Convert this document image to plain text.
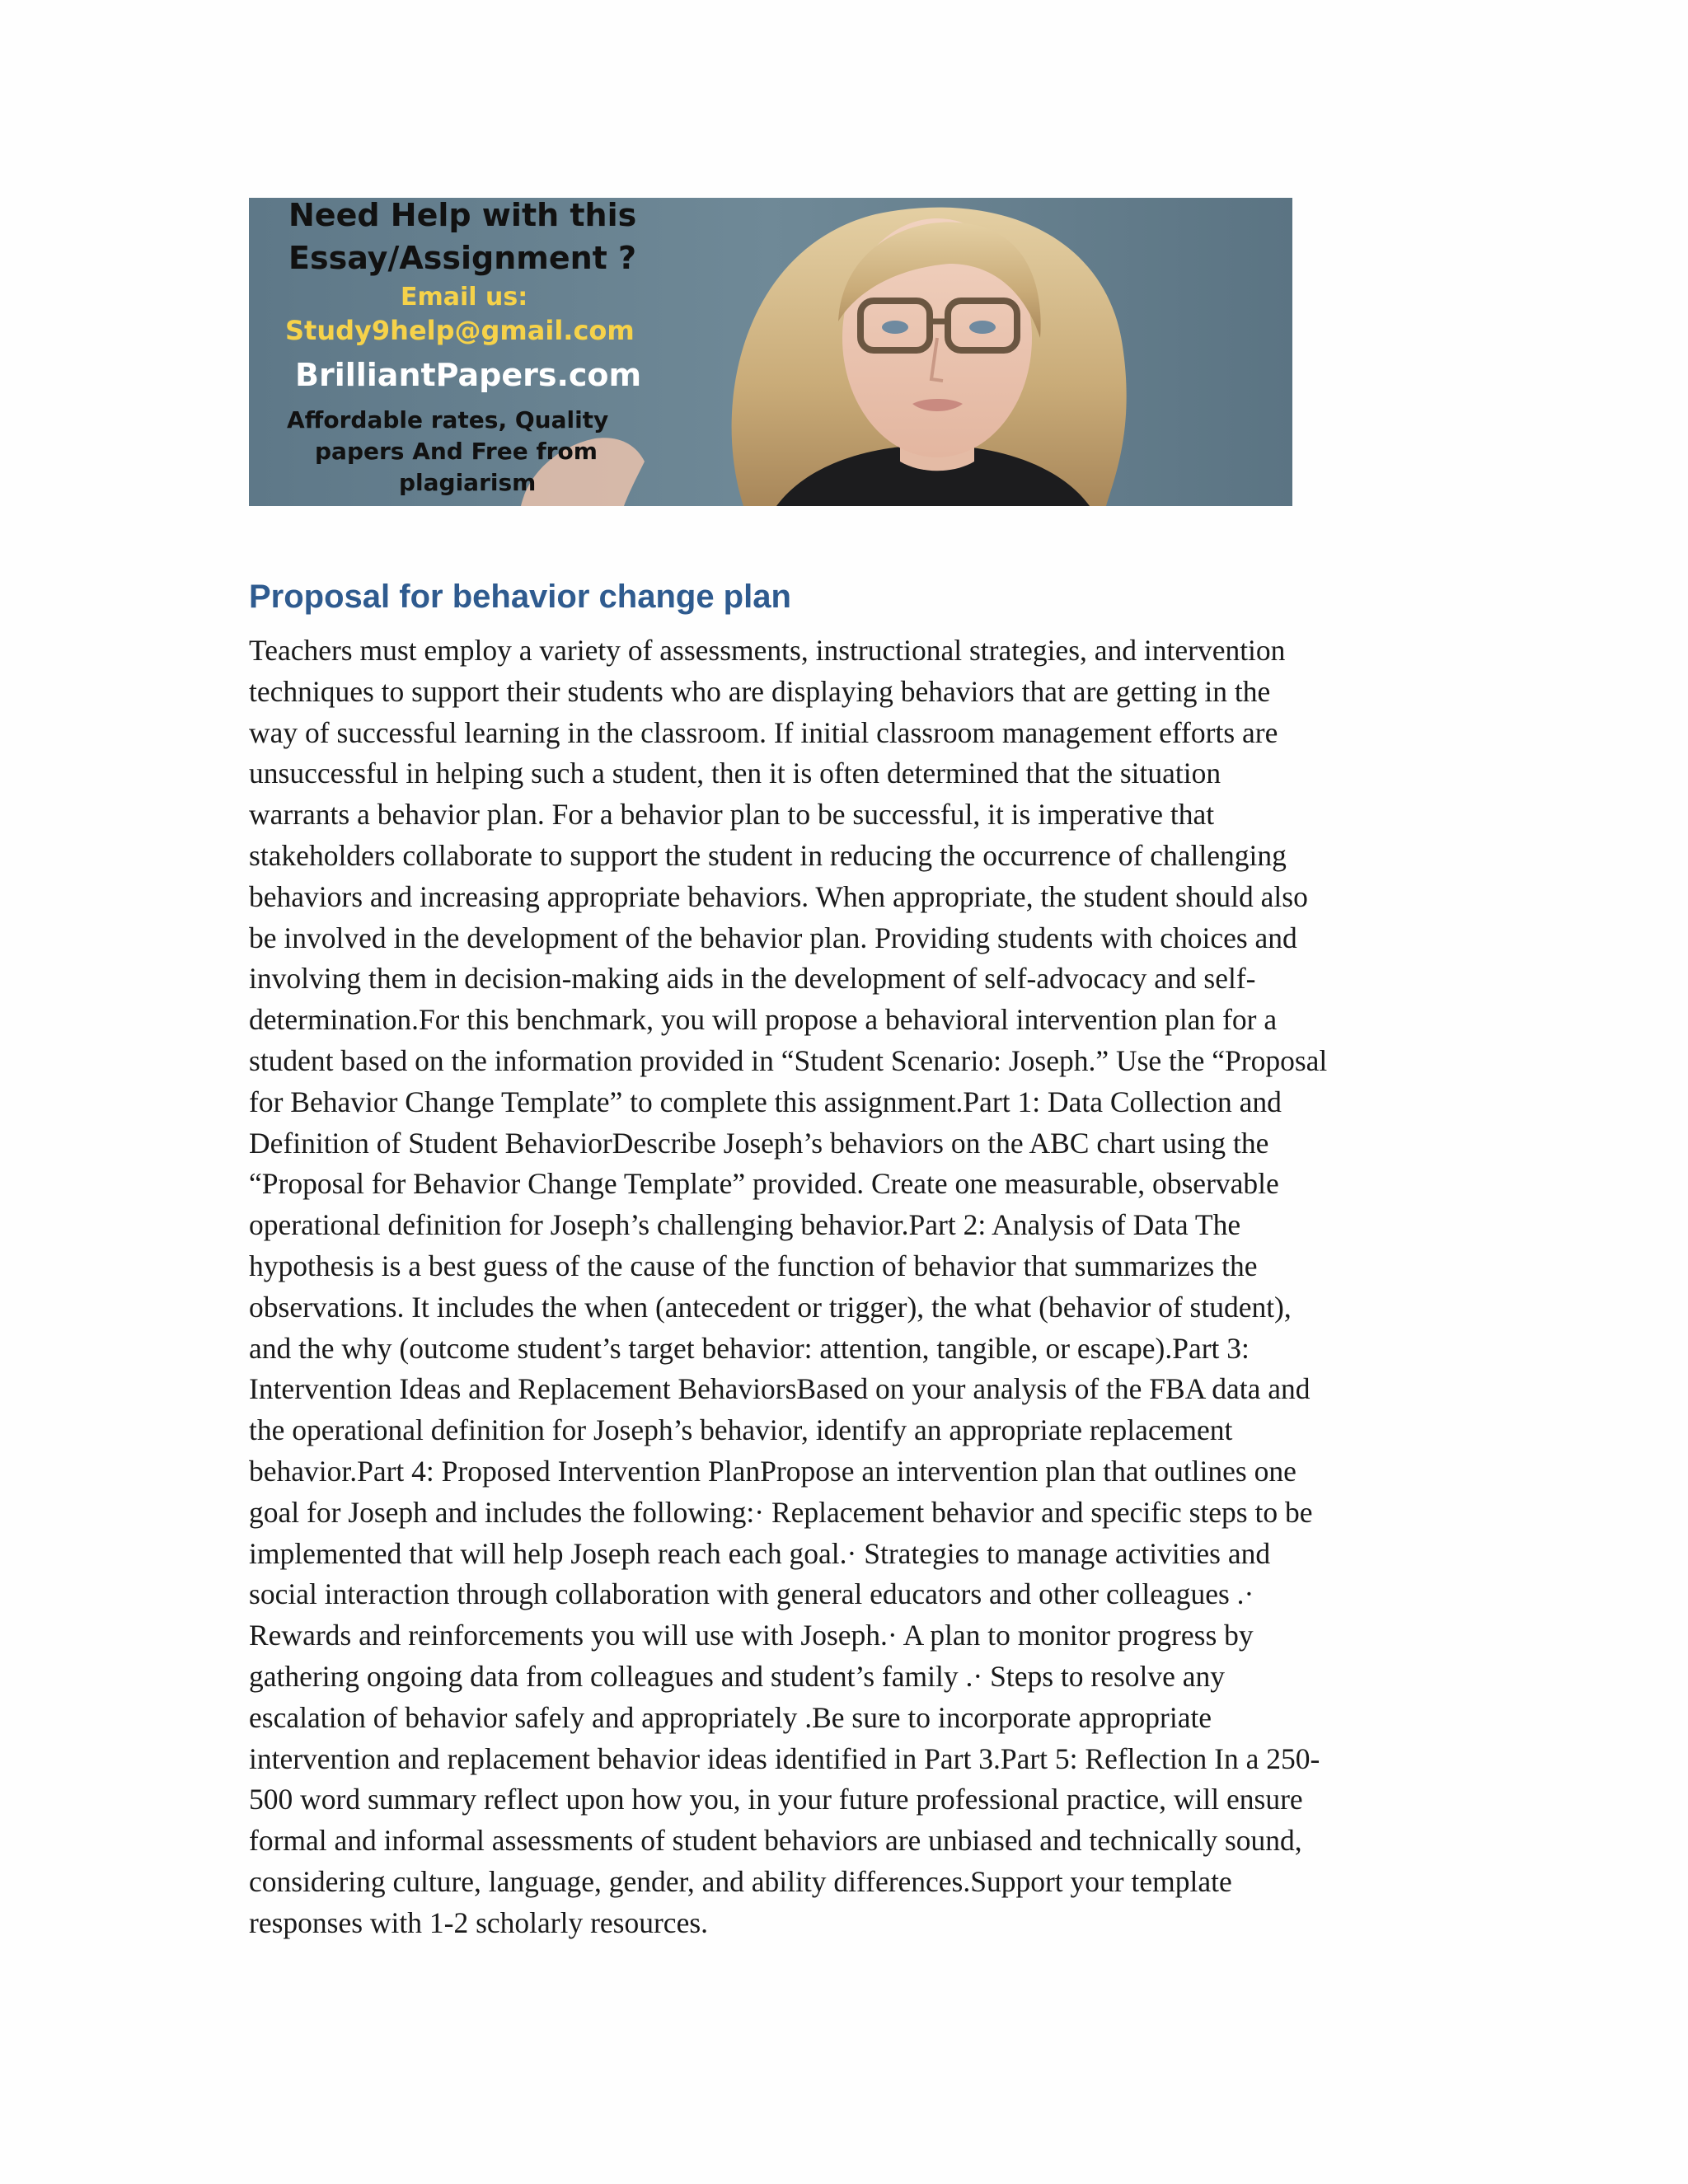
Need Help with this
Essay/Assignment ?
Email us:
Study9help@gmail.com
BrilliantPapers.com
Affordable rates, Quality
papers And Free from
plagiarism
Proposal for behavior change plan

Teachers must employ a variety of assessments, instructional strategies, and intervention
techniques to support their students who are displaying behaviors that are getting in the
way of successful learning in the classroom. If initial classroom management efforts are
unsuccessful in helping such a student, then it is often determined that the situation
warrants a behavior plan. For a behavior plan to be successful, it is imperative that
stakeholders collaborate to support the student in reducing the occurrence of challenging
behaviors and increasing appropriate behaviors. When appropriate, the student should also
be involved in the development of the behavior plan. Providing students with choices and
involving them in decision-making aids in the development of self-advocacy and self-
determination.For this benchmark, you will propose a behavioral intervention plan for a
student based on the information provided in “Student Scenario: Joseph.” Use the “Proposal
for Behavior Change Template” to complete this assignment.Part 1: Data Collection and
Definition of Student BehaviorDescribe Joseph’s behaviors on the ABC chart using the
“Proposal for Behavior Change Template” provided. Create one measurable, observable
operational definition for Joseph’s challenging behavior.Part 2: Analysis of Data The
hypothesis is a best guess of the cause of the function of behavior that summarizes the
observations. It includes the when (antecedent or trigger), the what (behavior of student),
and the why (outcome student’s target behavior: attention, tangible, or escape).Part 3:
Intervention Ideas and Replacement BehaviorsBased on your analysis of the FBA data and
the operational definition for Joseph’s behavior, identify an appropriate replacement
behavior.Part 4: Proposed Intervention PlanPropose an intervention plan that outlines one
goal for Joseph and includes the following:· Replacement behavior and specific steps to be
implemented that will help Joseph reach each goal.· Strategies to manage activities and
social interaction through collaboration with general educators and other colleagues .·
Rewards and reinforcements you will use with Joseph.· A plan to monitor progress by
gathering ongoing data from colleagues and student’s family .· Steps to resolve any
escalation of behavior safely and appropriately .Be sure to incorporate appropriate
intervention and replacement behavior ideas identified in Part 3.Part 5: Reflection In a 250-
500 word summary reflect upon how you, in your future professional practice, will ensure
formal and informal assessments of student behaviors are unbiased and technically sound,
considering culture, language, gender, and ability differences.Support your template
responses with 1-2 scholarly resources.
